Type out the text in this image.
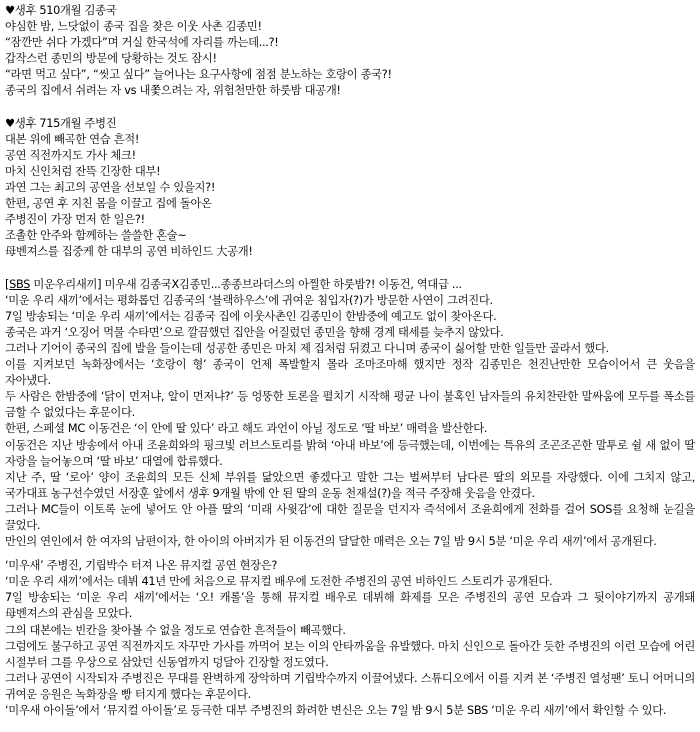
♥생후 510개월 김종국
야심한 밤, 느닷없이 종국 집을 찾은 이웃 사촌 김종민!
“잠깐만 쉬다 가겠다”며 거실 한국석에 자리를 까는데...?!
갑작스런 종민의 방문에 당황하는 것도 잠시!
“라면 먹고 싶다”, “씻고 싶다” 늘어나는 요구사항에 점점 분노하는 호랑이 종국?!
종국의 집에서 쉬려는 자 vs 내쫓으려는 자, 위험천만한 하룻밤 대공개!
♥생후 715개월 주병진
대본 위에 빼곡한 연습 흔적!
공연 직전까지도 가사 체크!
마치 신인처럼 잔뜩 긴장한 대부!
과연 그는 최고의 공연을 선보일 수 있을지?!
한편, 공연 후 지친 몸을 이끌고 집에 돌아온
주병진이 가장 먼저 한 일은?!
조촐한 안주와 함께하는 쓸쓸한 혼술~
母벤져스를 집중케 한 대부의 공연 비하인드 大공개!
[SBS 미운우리새끼] 미우새 김종국X김종민...종종브라더스의 아찔한 하룻밤?! 이동건, 역대급 ...
‘미운 우리 새끼’에서는 평화롭던 김종국의 ‘블랙하우스’에 귀여운 침입자(?)가 방문한 사연이 그려진다.
7일 방송되는 ‘미운 우리 새끼’에서는 김종국 집에 이웃사촌인 김종민이 한밤중에 예고도 없이 찾아온다.
종국은 과거 ‘오징어 먹물 수타면’으로 깔끔했던 집안을 어질렀던 종민을 향해 경계 태세를 늦추지 않았다.
그러나 기어이 종국의 집에 발을 들이는데 성공한 종민은 마치 제 집처럼 뒤켰고 다니며 종국이 싫어할 만한 일들만 골라서 했다.
이를 지켜보던 녹화장에서는 ‘호랑이 형’ 종국이 언제 폭발할지 몰라 조마조마해 했지만 정작 김종민은 천진난만한 모습이어서 큰 웃음을 자아냈다.
두 사람은 한밤중에 ‘닭이 먼저냐, 알이 먼저냐?’ 등 엉뚱한 토론을 펼치기 시작해 평균 나이 불혹인 남자들의 유치찬란한 말싸움에 모두를 폭소를 금할 수 없었다는 후문이다.
한편, 스페셜 MC 이동건은 ‘이 안에 딸 있다’ 라고 해도 과언이 아닐 정도로 ‘딸 바보’ 매력을 발산한다.
이동건은 지난 방송에서 아내 조윤희와의 핑크빛 러브스토리를 밝혀 ‘아내 바보’에 등극했는데, 이번에는 특유의 조곤조곤한 말투로 쉴 새 없이 딸 자랑을 늘어놓으며 ‘딸 바보’ 대열에 합류했다.
지난 주, 딸 ‘로아’ 양이 조윤희의 모든 신체 부위를 닮았으면 좋겠다고 말한 그는 벌써부터 남다른 딸의 외모를 자랑했다. 이에 그치지 않고, 국가대표 농구선수였던 서장훈 앞에서 생후 9개월 밖에 안 된 딸의 운동 천재설(?)을 적극 주장해 웃음을 안겼다.
그러나 MC들이 이토록 눈에 넣어도 안 아플 딸의 ‘미래 사윗감’에 대한 질문을 던지자 즉석에서 조윤희에게 전화를 걸어 SOS를 요청해 눈길을 끌었다.
만인의 연인에서 한 여자의 남편이자, 한 아이의 아버지가 된 이동건의 달달한 매력은 오는 7일 밤 9시 5분 ‘미운 우리 새끼’에서 공개된다.
‘미우새’ 주병진, 기립박수 터져 나온 뮤지컬 공연 현장은?
‘미운 우리 새끼’에서는 데뷔 41년 만에 처음으로 뮤지컬 배우에 도전한 주병진의 공연 비하인드 스토리가 공개된다.
7일 방송되는 ‘미운 우리 새끼’에서는 ‘오! 캐롤’을 통해 뮤지컬 배우로 데뷔해 화제를 모은 주병진의 공연 모습과 그 뒷이야기까지 공개돼 母벤져스의 관심을 모았다.
그의 대본에는 빈칸을 찾아볼 수 없을 정도로 연습한 흔적들이 빼곡했다.
그럼에도 불구하고 공연 직전까지도 자꾸만 가사를 까먹어 보는 이의 안타까움을 유발했다. 마치 신인으로 돌아간 듯한 주병진의 이런 모습에 어린 시절부터 그를 우상으로 삼았던 신동엽까지 덩달아 긴장할 정도였다.
그러나 공연이 시작되자 주병진은 무대를 완벽하게 장악하며 기립박수까지 이끌어냈다. 스튜디오에서 이를 지켜 본 ‘주병진 열성팬’ 토니 어머니의 귀여운 응원은 녹화장을 빵 터지게 했다는 후문이다.
‘미우새 아이돌’에서 ‘뮤지컬 아이돌’로 등극한 대부 주병진의 화려한 변신은 오는 7일 밤 9시 5분 SBS ‘미운 우리 새끼’에서 확인할 수 있다.
